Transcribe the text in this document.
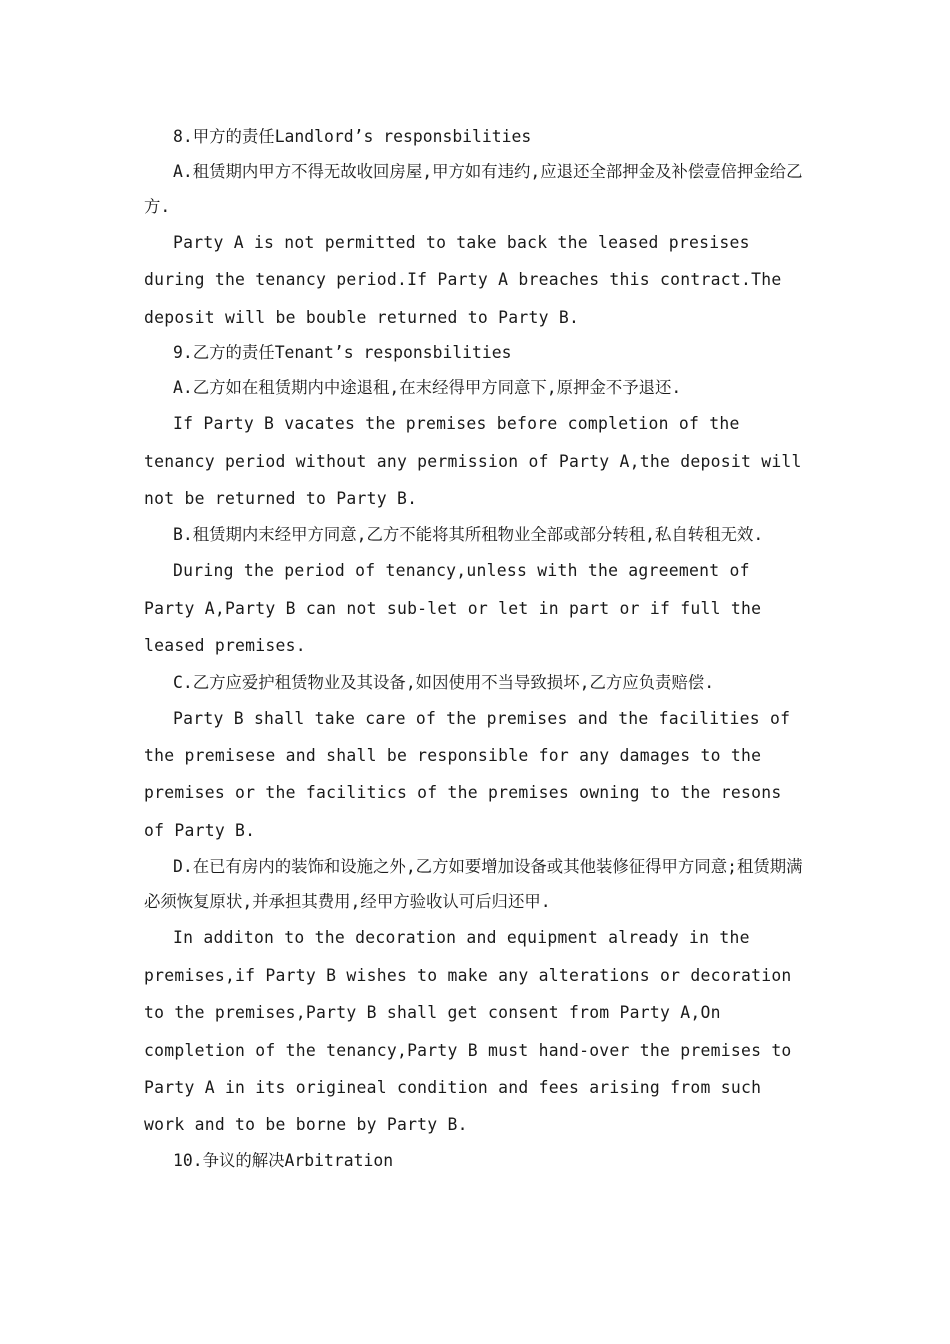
8.甲方的责任Landlord’s responsbilities

A.租赁期内甲方不得无故收回房屋,甲方如有违约,应退还全部押金及补偿壹倍押金给乙方.

Party A is not permitted to take back the leased presises during the tenancy period.If Party A breaches this contract.The deposit will be bouble returned to Party B.

9.乙方的责任Tenant’s responsbilities

A.乙方如在租赁期内中途退租,在末经得甲方同意下,原押金不予退还.

If Party B vacates the premises before completion of the tenancy period without any permission of Party A,the deposit will not be returned to Party B.

B.租赁期内末经甲方同意,乙方不能将其所租物业全部或部分转租,私自转租无效.

During the period of tenancy,unless with the agreement of Party A,Party B can not sub-let or let in part or if full the leased premises.

C.乙方应爱护租赁物业及其设备,如因使用不当导致损坏,乙方应负责赔偿.

Party B shall take care of the premises and the facilities of the premisese and shall be responsible for any damages to the premises or the facilitics of the premises owning to the resons of Party B.

D.在已有房内的装饰和设施之外,乙方如要增加设备或其他装修征得甲方同意;租赁期满必须恢复原状,并承担其费用,经甲方验收认可后归还甲.

In additon to the decoration and equipment already in the premises,if Party B wishes to make any alterations or decoration to the premises,Party B shall get consent from Party A,On completion of the tenancy,Party B must hand-over the premises to Party A in its origineal condition and fees arising from such work and to be borne by Party B.

10.争议的解决Arbitration
